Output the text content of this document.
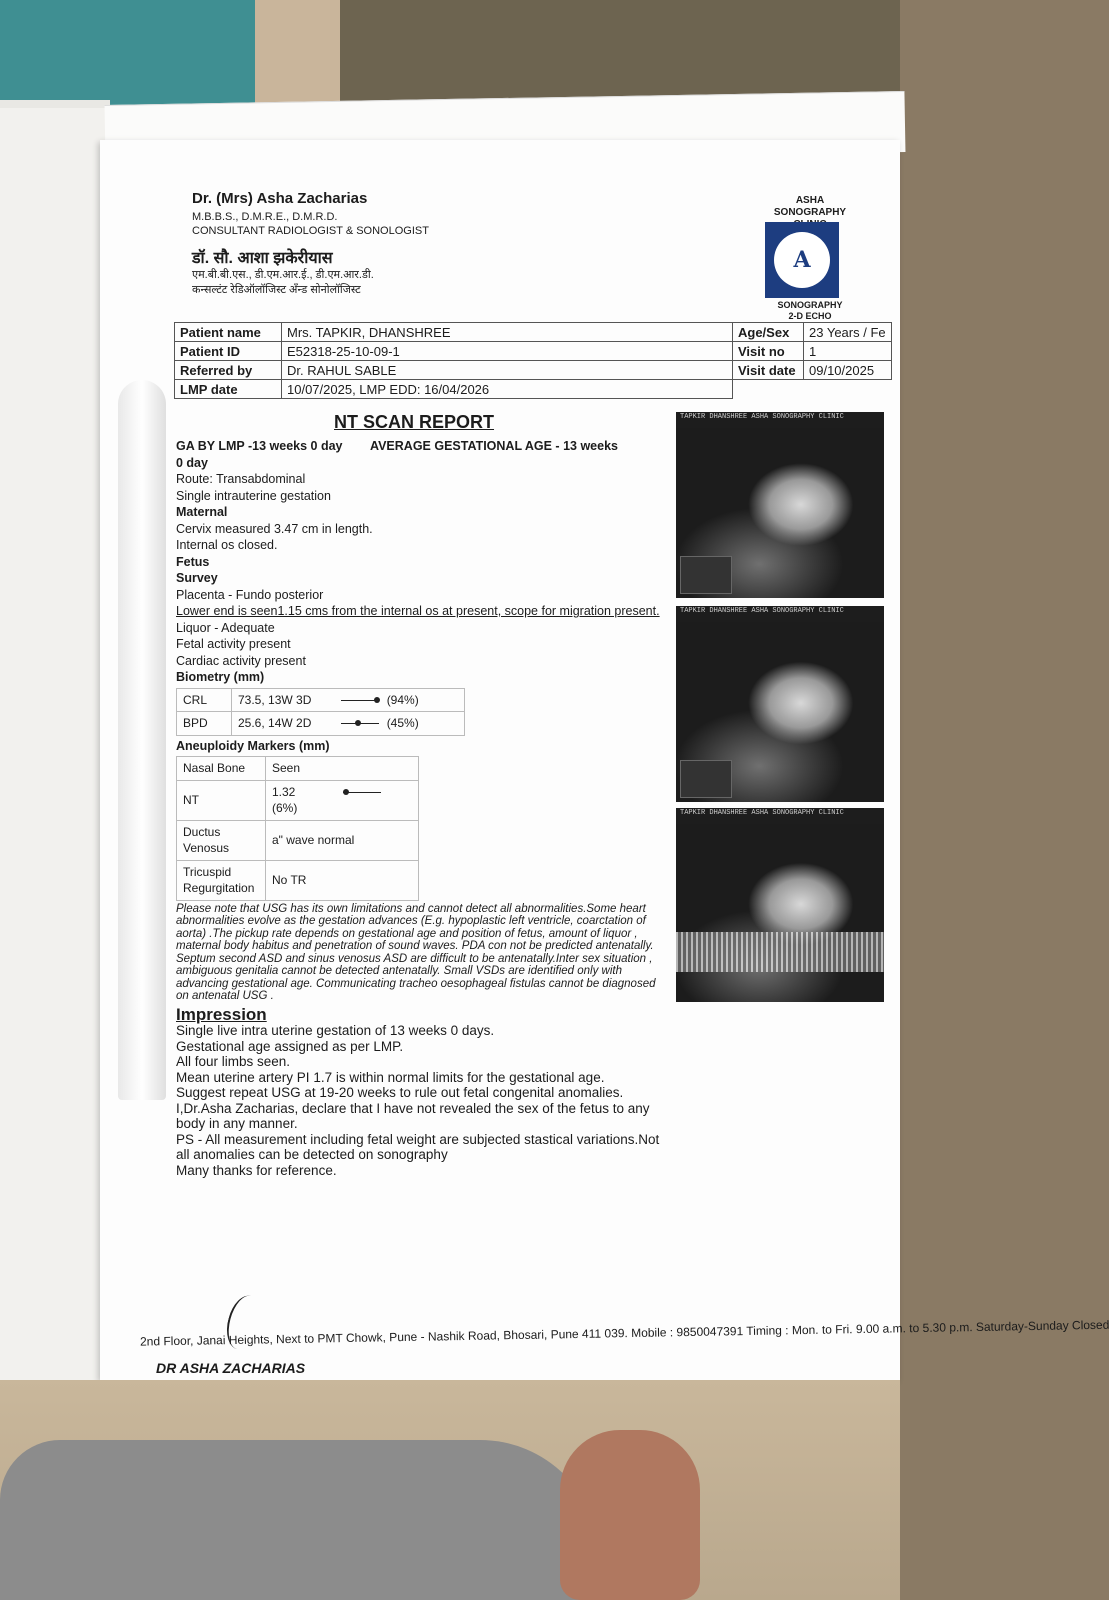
Dr. (Mrs) Asha Zacharias
M.B.B.S., D.M.R.E., D.M.R.D.
CONSULTANT RADIOLOGIST & SONOLOGIST
डॉ. सौ. आशा झकेरीयास
एम.बी.बी.एस., डी.एम.आर.ई., डी.एम.आर.डी.
कन्सल्टंट रेडिऑलॉजिस्ट अँन्ड सोनोलॉजिस्ट
ASHA
SONOGRAPHY
A
SONOGRAPHY
2-D ECHO
Patient name	Mrs. TAPKIR, DHANSHREE	Age/Sex	23 Years / Fe
Patient ID	E52318-25-10-09-1	Visit no	1
Referred by	Dr. RAHUL SABLE	Visit date	09/10/2025
LMP date	10/07/2025, LMP EDD: 16/04/2026		
NT SCAN REPORT
GA BY LMP -13 weeks 0 day AVERAGE GESTATIONAL AGE - 13 weeks
0 day
Route: Transabdominal
Single intrauterine gestation
Maternal
Cervix measured 3.47 cm in length.
Internal os closed.
Fetus
Survey
Placenta - Fundo posterior
Lower end is seen1.15 cms from the internal os at present, scope for migration present.
Liquor - Adequate
Fetal activity present
Cardiac activity present
Biometry (mm)
CRL	73.5, 13W 3D (94%)
BPD	25.6, 14W 2D (45%)
Aneuploidy Markers (mm)
Nasal Bone	Seen
NT	1.32
(6%)
Ductus Venosus	a" wave normal
Tricuspid Regurgitation	No TR
Please note that USG has its own limitations and cannot detect all abnormalities.Some heart abnormalities evolve as the gestation advances (E.g. hypoplastic left ventricle, coarctation of aorta) .The pickup rate depends on gestational age and position of fetus, amount of liquor , maternal body habitus and penetration of sound waves. PDA con not be predicted antenatally. Septum second ASD and sinus venosus ASD are difficult to be antenatally.Inter sex situation , ambiguous genitalia cannot be detected antenatally. Small VSDs are identified only with advancing gestational age. Communicating tracheo oesophageal fistulas cannot be diagnosed on antenatal USG .
Impression
Single live intra uterine gestation of 13 weeks 0 days.
Gestational age assigned as per LMP.
All four limbs seen.
Mean uterine artery PI 1.7 is within normal limits for the gestational age.
Suggest repeat USG at 19-20 weeks to rule out fetal congenital anomalies.
I,Dr.Asha Zacharias, declare that I have not revealed the sex of the fetus to any body in any manner.
PS - All measurement including fetal weight are subjected stastical variations.Not all anomalies can be detected on sonography
Many thanks for reference.
TAPKIR DHANSHREE ASHA SONOGRAPHY CLINIC
TAPKIR DHANSHREE ASHA SONOGRAPHY CLINIC
TAPKIR DHANSHREE ASHA SONOGRAPHY CLINIC
2nd Floor, Janai Heights, Next to PMT Chowk, Pune - Nashik Road, Bhosari, Pune 411 039. Mobile : 9850047391 Timing : Mon. to Fri. 9.00 a.m. to 5.30 p.m. Saturday-Sunday Closed
DR ASHA ZACHARIAS
